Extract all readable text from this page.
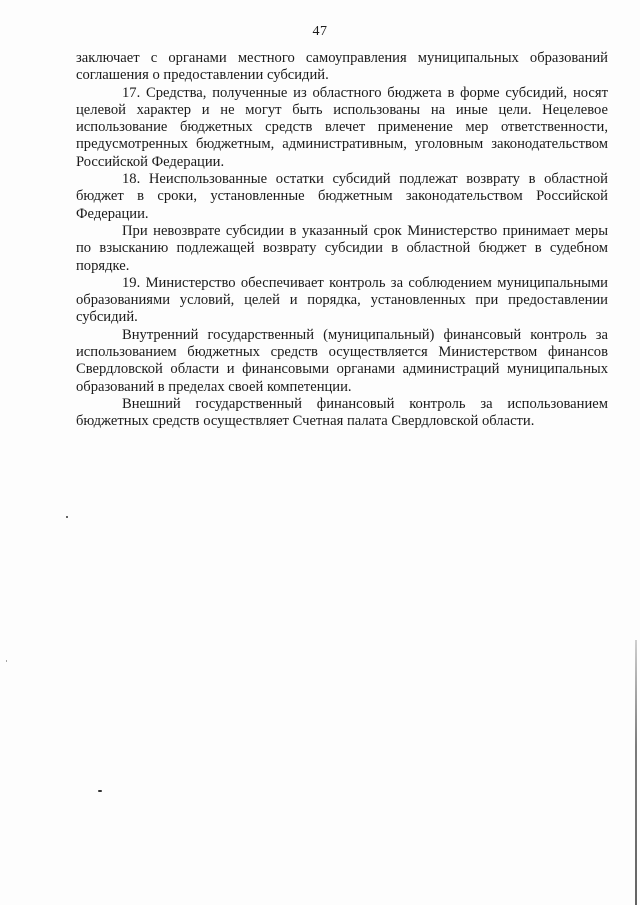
47

заключает с органами местного самоуправления муниципальных образований соглашения о предоставлении субсидий.

17. Средства, полученные из областного бюджета в форме субсидий, носят целевой характер и не могут быть использованы на иные цели. Нецелевое использование бюджетных средств влечет применение мер ответственности, предусмотренных бюджетным, административным, уголовным законодательством Российской Федерации.

18. Неиспользованные остатки субсидий подлежат возврату в областной бюджет в сроки, установленные бюджетным законодательством Российской Федерации.

При невозврате субсидии в указанный срок Министерство принимает меры по взысканию подлежащей возврату субсидии в областной бюджет в судебном порядке.

19. Министерство обеспечивает контроль за соблюдением муниципальными образованиями условий, целей и порядка, установленных при предоставлении субсидий.

Внутренний государственный (муниципальный) финансовый контроль за использованием бюджетных средств осуществляется Министерством финансов Свердловской области и финансовыми органами администраций муниципальных образований в пределах своей компетенции.

Внешний государственный финансовый контроль за использованием бюджетных средств осуществляет Счетная палата Свердловской области.
